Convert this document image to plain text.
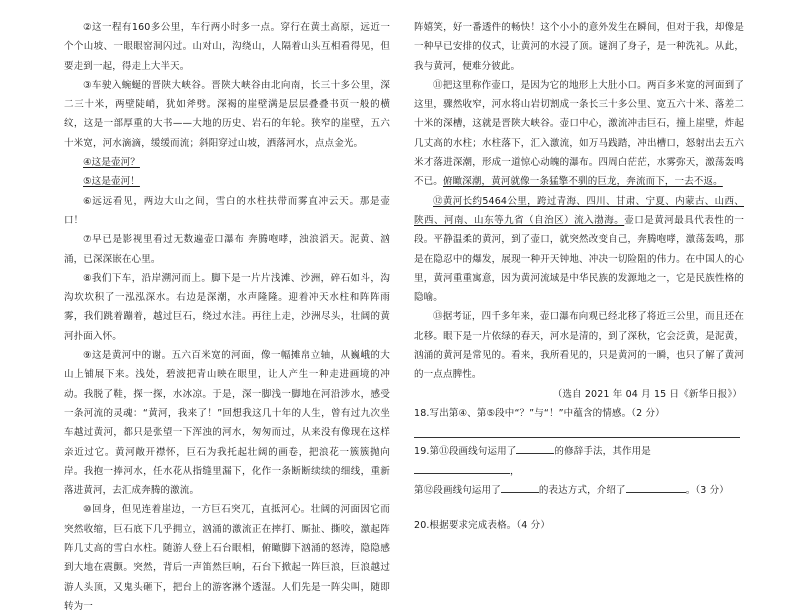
②这一程有160多公里，车行两小时多一点。穿行在黄土高原，远近一个个山坡、一眼眼窑洞闪过。山对山，沟绕山，人隔着山头互相看得见，但要走到一起，得走上大半天。

③车驶入蜿蜒的晋陕大峡谷。晋陕大峡谷由北向南，长三十多公里，深二三十米，两壁陡峭，犹如斧劈。深褐的崖壁满是层层叠叠书页一般的横纹，这是一部厚重的大书——大地的历史、岩石的年轮。狭窄的崖壁，五六十米宽，河水滴滴，缓缓而流；斜阳穿过山坡，洒落河水，点点金光。

④这是壶河？

⑤这是壶河！

⑥远远看见，两边大山之间，雪白的水柱扶带而雾直冲云天。那是壶口！

⑦早已是影视里看过无数遍壶口瀑布 奔腾咆哮，浊浪滔天。泥黄、汹涌，已深深嵌在心里。

⑧我们下车，沿岸溯河而上。脚下是一片片浅滩、沙洲，碎石如斗，沟沟坎坎积了一泓泓深水。右边是深潮，水声隆隆。迎着冲天水柱和阵阵雨雾，我们跳着蹦着，越过巨石，绕过水洼。再往上走，沙洲尽头，壮阔的黄河扑面入怀。

⑨这是黄河中的谢。五六百米宽的河面，像一幅摊帛立轴，从巍峨的大山上铺展下来。浅处，碧波把青山映在眼里，让人产生一种走进画境的冲动。我脱了鞋，探一探，水冰凉。于是，深一脚浅一脚地在河沿涉水，感受一条河流的灵魂：“黄河，我来了！”回想我这几十年的人生，曾有过九次坐车越过黄河，都只是张望一下浑浊的河水，匆匆而过，从来没有像现在这样亲近过它。黄河敞开襟怀，巨石为我托起壮阔的画卷，把浪花一簇簇抛向岸。我抱一捧河水，任水花从指缝里漏下，化作一条断断续续的细线，重新落进黄河，去汇成奔腾的激流。

⑩回身，但见连着崖边，一方巨石突兀，直抵河心。壮阔的河面因它而突然收缩，巨石底下几乎拥立，汹涌的激流正在摔打、厮扯、撕咬，激起阵阵几丈高的雪白水柱。随游人登上石台眼相，俯瞰脚下汹涌的怒涛，隐隐感到大地在震颤。突然，背后一声笛然巨响，石台下掀起一阵巨浪，巨浪越过游人头顶，又鬼头砸下，把台上的游客淋个透湿。人们先是一阵尖叫，随即转为一

阵嬉笑，好一番透件的畅快！这个小小的意外发生在瞬间，但对于我，却像是一种早已安排的仪式，让黄河的水浸了顶。谜润了身子，是一种洗礼。从此，我与黄河，便难分彼此。

⑪把这里称作壶口，是因为它的地形上大肚小口。两百多米宽的河面到了这里，骤然收窄，河水将山岩切割成一条长三十多公里、宽五六十米、落差二十米的深槽，这就是晋陕大峡谷。壶口中心，激流冲击巨石，撞上崖壁，炸起几丈高的水柱；水柱落下，汇入激流，如万马践踏，冲出槽口，怒射出去五六米才落进深潮，形成一道惊心动魄的瀑布。四周白茫茫，水雾弥天，激荡轰鸣不已。俯瞰深潮，黄河就像一条猛擎不驯的巨龙，奔流而下，一去不返。

⑫黄河长约5464公里，跨过青海、四川、甘肃、宁夏、内蒙古、山西、陕西、河南、山东等九省（自治区）流入渤海。壶口是黄河最具代表性的一段。平静温柔的黄河，到了壶口，就突然改变自己，奔腾咆哮，激荡轰鸣，那是在隐忍中的爆发，展现一种开天钟地、冲决一切险阻的伟力。在中国人的心里，黄河重重寓意，因为黄河流域是中华民族的发源地之一，它是民族性格的隐喻。

⑬据考证，四千多年来，壶口瀑布向观已经北移了将近三公里，而且还在北移。眼下是一片依绿的春天，河水是清的，到了深秋，它会泛黄，是泥黄，汹涌的黄河是常见的。看来，我所看见的，只是黄河的一瞬，也只了解了黄河的一点点脾性。

（选自 2021 年 04 月 15 日《新华日报》）

18.写出第④、第⑤段中“？”与“！”中蕴含的情感。（2 分）

19.第⑪段画线句运用了	的修辞手法，其作用是，

第⑫段画线句运用了	的表达方式，介绍了	。（3 分）

20.根据要求完成表格。（4 分）
